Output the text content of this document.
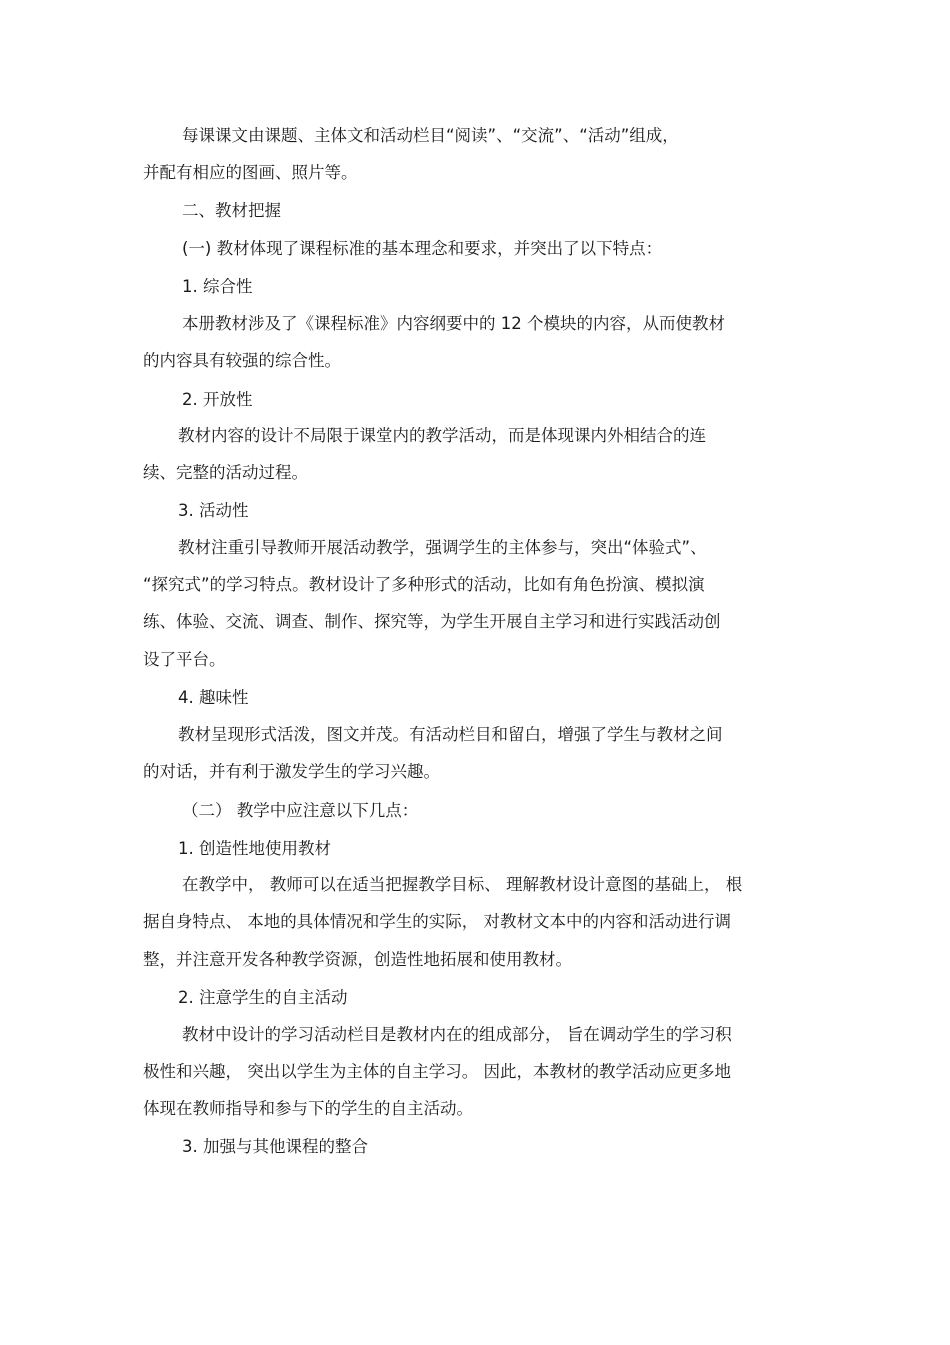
每课课文由课题、主体文和活动栏目“阅读”、“交流”、“活动”组成，
并配有相应的图画、照片等。
二、教材把握
(一) 教材体现了课程标准的基本理念和要求，并突出了以下特点：
1. 综合性
本册教材涉及了《课程标准》内容纲要中的 12 个模块的内容，从而使教材
的内容具有较强的综合性。
2. 开放性
教材内容的设计不局限于课堂内的教学活动，而是体现课内外相结合的连
续、完整的活动过程。
3. 活动性
教材注重引导教师开展活动教学，强调学生的主体参与，突出“体验式”、
“探究式”的学习特点。教材设计了多种形式的活动，比如有角色扮演、模拟演
练、体验、交流、调查、制作、探究等，为学生开展自主学习和进行实践活动创
设了平台。
4. 趣味性
教材呈现形式活泼，图文并茂。有活动栏目和留白，增强了学生与教材之间
的对话，并有利于激发学生的学习兴趣。
（二） 教学中应注意以下几点：
1. 创造性地使用教材
在教学中， 教师可以在适当把握教学目标、 理解教材设计意图的基础上， 根
据自身特点、 本地的具体情况和学生的实际， 对教材文本中的内容和活动进行调
整，并注意开发各种教学资源，创造性地拓展和使用教材。
2. 注意学生的自主活动
教材中设计的学习活动栏目是教材内在的组成部分， 旨在调动学生的学习积
极性和兴趣， 突出以学生为主体的自主学习。 因此，本教材的教学活动应更多地
体现在教师指导和参与下的学生的自主活动。
3. 加强与其他课程的整合
